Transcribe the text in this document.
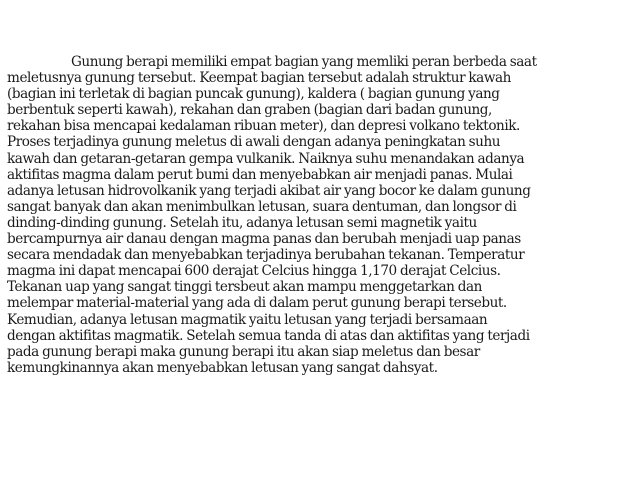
Gunung berapi memiliki empat bagian yang memliki peran berbeda saat
meletusnya gunung tersebut. Keempat bagian tersebut adalah struktur kawah
(bagian ini terletak di bagian puncak gunung), kaldera ( bagian gunung yang
berbentuk seperti kawah), rekahan dan graben (bagian dari badan gunung,
rekahan bisa mencapai kedalaman ribuan meter), dan depresi volkano tektonik.
Proses terjadinya gunung meletus di awali dengan adanya peningkatan suhu
kawah dan getaran-getaran gempa vulkanik. Naiknya suhu menandakan adanya
aktifitas magma dalam perut bumi dan menyebabkan air menjadi panas. Mulai
adanya letusan hidrovolkanik yang terjadi akibat air yang bocor ke dalam gunung
sangat banyak dan akan menimbulkan letusan, suara dentuman, dan longsor di
dinding-dinding gunung. Setelah itu, adanya letusan semi magnetik yaitu
bercampurnya air danau dengan magma panas dan berubah menjadi uap panas
secara mendadak dan menyebabkan terjadinya berubahan tekanan. Temperatur
magma ini dapat mencapai 600 derajat Celcius hingga 1,170 derajat Celcius.
Tekanan uap yang sangat tinggi tersbeut akan mampu menggetarkan dan
melempar material-material yang ada di dalam perut gunung berapi tersebut.
Kemudian, adanya letusan magmatik yaitu letusan yang terjadi bersamaan
dengan aktifitas magmatik. Setelah semua tanda di atas dan aktifitas yang terjadi
pada gunung berapi maka gunung berapi itu akan siap meletus dan besar
kemungkinannya akan menyebabkan letusan yang sangat dahsyat.
